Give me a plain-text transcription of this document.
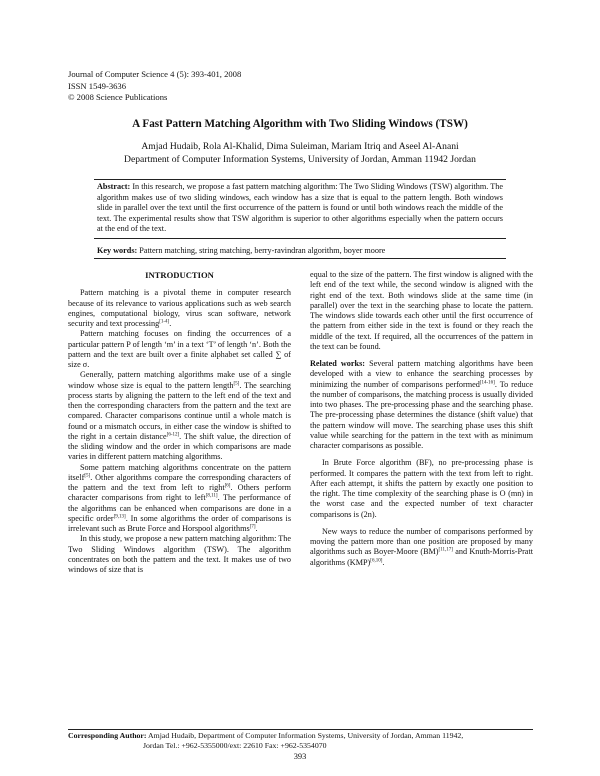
Journal of Computer Science 4 (5): 393-401, 2008
ISSN 1549-3636
© 2008 Science Publications
A Fast Pattern Matching Algorithm with Two Sliding Windows (TSW)
Amjad Hudaib, Rola Al-Khalid, Dima Suleiman, Mariam Itriq and Aseel Al-Anani
Department of Computer Information Systems, University of Jordan, Amman 11942 Jordan
Abstract: In this research, we propose a fast pattern matching algorithm: The Two Sliding Windows (TSW) algorithm. The algorithm makes use of two sliding windows, each window has a size that is equal to the pattern length. Both windows slide in parallel over the text until the first occurrence of the pattern is found or until both windows reach the middle of the text. The experimental results show that TSW algorithm is superior to other algorithms especially when the pattern occurs at the end of the text.
Key words: Pattern matching, string matching, berry-ravindran algorithm, boyer moore
INTRODUCTION

Pattern matching is a pivotal theme in computer research because of its relevance to various applications such as web search engines, computational biology, virus scan software, network security and text processing[1-4].

Pattern matching focuses on finding the occurrences of a particular pattern P of length ‘m’ in a text ‘T’ of length ‘n’. Both the pattern and the text are built over a finite alphabet set called ∑ of size σ.

Generally, pattern matching algorithms make use of a single window whose size is equal to the pattern length[5]. The searching process starts by aligning the pattern to the left end of the text and then the corresponding characters from the pattern and the text are compared. Character comparisons continue until a whole match is found or a mismatch occurs, in either case the window is shifted to the right in a certain distance[6-12]. The shift value, the direction of the sliding window and the order in which comparisons are made varies in different pattern matching algorithms.

Some pattern matching algorithms concentrate on the pattern itself[5]. Other algorithms compare the corresponding characters of the pattern and the text from left to right[6]. Others perform character comparisons from right to left[8,11]. The performance of the algorithms can be enhanced when comparisons are done in a specific order[9,13]. In some algorithms the order of comparisons is irrelevant such as Brute Force and Horspool algorithms[7].

In this study, we propose a new pattern matching algorithm: The Two Sliding Windows algorithm (TSW). The algorithm concentrates on both the pattern and the text. It makes use of two windows of size that is

equal to the size of the pattern. The first window is aligned with the left end of the text while, the second window is aligned with the right end of the text. Both windows slide at the same time (in parallel) over the text in the searching phase to locate the pattern. The windows slide towards each other until the first occurrence of the pattern from either side in the text is found or they reach the middle of the text. If required, all the occurrences of the pattern in the text can be found.

Related works: Several pattern matching algorithms have been developed with a view to enhance the searching processes by minimizing the number of comparisons performed[14-16]. To reduce the number of comparisons, the matching process is usually divided into two phases. The pre-processing phase and the searching phase. The pre-processing phase determines the distance (shift value) that the pattern window will move. The searching phase uses this shift value while searching for the pattern in the text with as minimum character comparisons as possible.

In Brute Force algorithm (BF), no pre-processing phase is performed. It compares the pattern with the text from left to right. After each attempt, it shifts the pattern by exactly one position to the right. The time complexity of the searching phase is O (mn) in the worst case and the expected number of text character comparisons is (2n).

New ways to reduce the number of comparisons performed by moving the pattern more than one position are proposed by many algorithms such as Boyer-Moore (BM)[11,17] and Knuth-Morris-Pratt algorithms (KMP)[6,10].

Corresponding Author: Amjad Hudaib, Department of Computer Information Systems, University of Jordan, Amman 11942,
Jordan Tel.: +962-5355000/ext: 22610 Fax: +962-5354070
393
